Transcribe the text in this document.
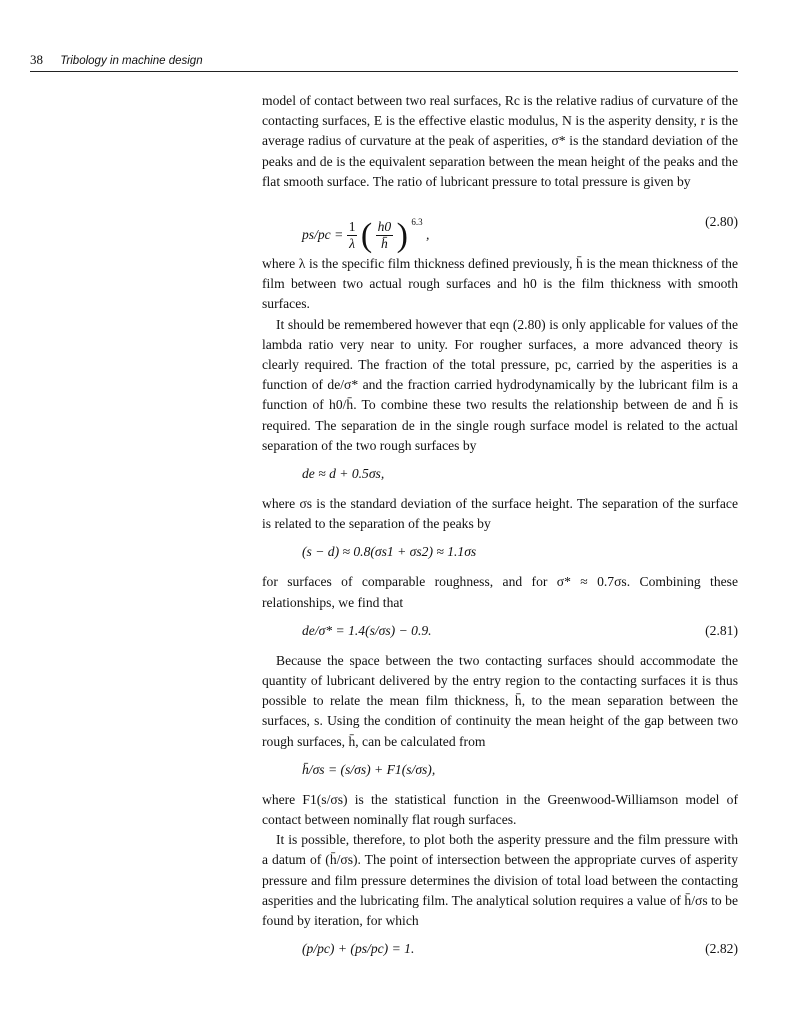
38 Tribology in machine design

model of contact between two real surfaces, Rc is the relative radius of curvature of the contacting surfaces, E is the effective elastic modulus, N is the asperity density, r is the average radius of curvature at the peak of asperities, σ* is the standard deviation of the peaks and de is the equivalent separation between the mean height of the peaks and the flat smooth surface. The ratio of lubricant pressure to total pressure is given by

$ps/pc = \frac{1}{\lambda}$ ( $\frac{h0}{h̄}$ ) $^{6.3}$ ,
(2.80)

where λ is the specific film thickness defined previously, h̄ is the mean thickness of the film between two actual rough surfaces and h0 is the film thickness with smooth surfaces.

It should be remembered however that eqn (2.80) is only applicable for values of the lambda ratio very near to unity. For rougher surfaces, a more advanced theory is clearly required. The fraction of the total pressure, pc, carried by the asperities is a function of de/σ* and the fraction carried hydrodynamically by the lubricant film is a function of h0/h̄. To combine these two results the relationship between de and h̄ is required. The separation de in the single rough surface model is related to the actual separation of the two rough surfaces by

de ≈ d + 0.5σs,

where σs is the standard deviation of the surface height. The separation of the surface is related to the separation of the peaks by

(s − d) ≈ 0.8(σs1 + σs2) ≈ 1.1σs

for surfaces of comparable roughness, and for σ* ≈ 0.7σs. Combining these relationships, we find that

de/σ* = 1.4(s/σs) − 0.9.	(2.81)

Because the space between the two contacting surfaces should accommodate the quantity of lubricant delivered by the entry region to the contacting surfaces it is thus possible to relate the mean film thickness, h̄, to the mean separation between the surfaces, s. Using the condition of continuity the mean height of the gap between two rough surfaces, h̄, can be calculated from

h̄/σs = (s/σs) + F1(s/σs),

where F1(s/σs) is the statistical function in the Greenwood-Williamson model of contact between nominally flat rough surfaces.

It is possible, therefore, to plot both the asperity pressure and the film pressure with a datum of (h̄/σs). The point of intersection between the appropriate curves of asperity pressure and film pressure determines the division of total load between the contacting asperities and the lubricating film. The analytical solution requires a value of h̄/σs to be found by iteration, for which

(p/pc) + (ps/pc) = 1.	(2.82)
